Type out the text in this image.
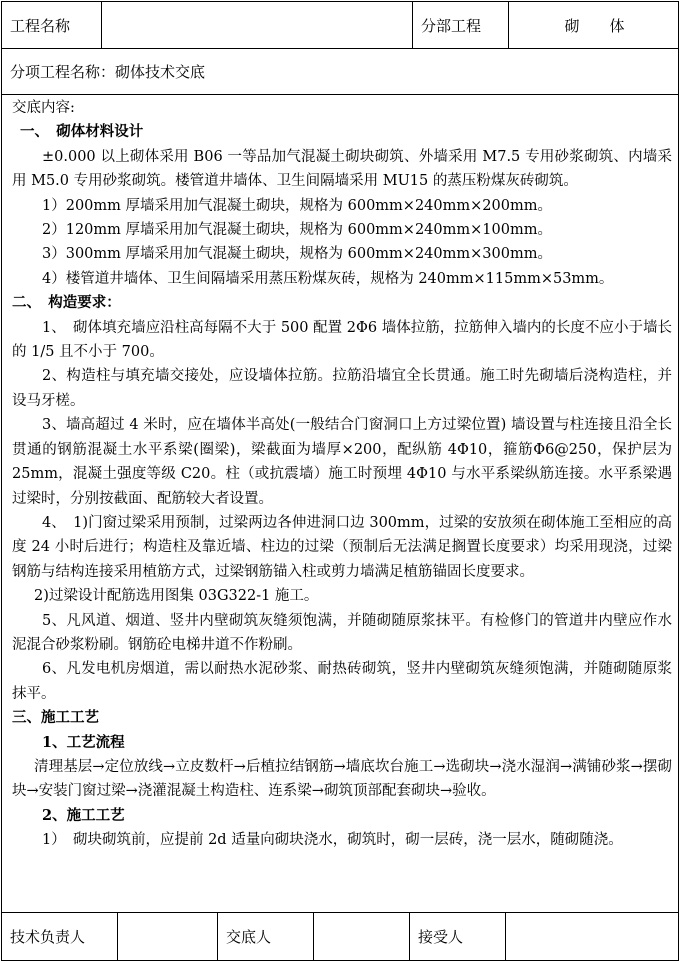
工程名称	分部工程	砌　　体
分项工程名称：砌体技术交底

交底内容:

一、　砌体材料设计

±0.000 以上砌体采用 B06 一等品加气混凝土砌块砌筑、外墙采用 M7.5 专用砂浆砌筑、内墙采用 M5.0 专用砂浆砌筑。楼管道井墙体、卫生间隔墙采用 MU15 的蒸压粉煤灰砖砌筑。

1）200mm 厚墙采用加气混凝土砌块，规格为 600mm×240mm×200mm。

2）120mm 厚墙采用加气混凝土砌块，规格为 600mm×240mm×100mm。

3）300mm 厚墙采用加气混凝土砌块，规格为 600mm×240mm×300mm。

4）楼管道井墙体、卫生间隔墙采用蒸压粉煤灰砖，规格为 240mm×115mm×53mm。

二、　构造要求：

1、　砌体填充墙应沿柱高每隔不大于 500 配置 2Φ6 墙体拉筋，拉筋伸入墙内的长度不应小于墙长的 1/5 且不小于 700。

2、构造柱与填充墙交接处，应设墙体拉筋。拉筋沿墙宜全长贯通。施工时先砌墙后浇构造柱，并设马牙槎。

3、墙高超过 4 米时，应在墙体半高处(一般结合门窗洞口上方过梁位置) 墙设置与柱连接且沿全长贯通的钢筋混凝土水平系梁(圈梁)，梁截面为墙厚×200，配纵筋 4Φ10，箍筋Φ6@250，保护层为 25mm，混凝土强度等级 C20。柱（或抗震墙）施工时预埋 4Φ10 与水平系梁纵筋连接。水平系梁遇过梁时，分别按截面、配筋较大者设置。

4、　1)门窗过梁采用预制，过梁两边各伸进洞口边 300mm，过梁的安放须在砌体施工至相应的高度 24 小时后进行；构造柱及靠近墙、柱边的过梁（预制后无法满足搁置长度要求）均采用现浇，过梁钢筋与结构连接采用植筋方式，过梁钢筋锚入柱或剪力墙满足植筋锚固长度要求。

2)过梁设计配筋选用图集 03G322-1 施工。

5、凡风道、烟道、竖井内壁砌筑灰缝须饱满，并随砌随原浆抹平。有检修门的管道井内壁应作水泥混合砂浆粉刷。钢筋砼电梯井道不作粉刷。

6、凡发电机房烟道，需以耐热水泥砂浆、耐热砖砌筑，竖井内壁砌筑灰缝须饱满，并随砌随原浆抹平。

三、施工工艺

1、工艺流程

清理基层→定位放线→立皮数杆→后植拉结钢筋→墙底坎台施工→选砌块→浇水湿润→满铺砂浆→摆砌块→安装门窗过梁→浇灌混凝土构造柱、连系梁→砌筑顶部配套砌块→验收。

2、施工工艺

1）　砌块砌筑前，应提前 2d 适量向砌块浇水，砌筑时，砌一层砖，浇一层水，随砌随浇。

技术负责人	交底人	接受人
